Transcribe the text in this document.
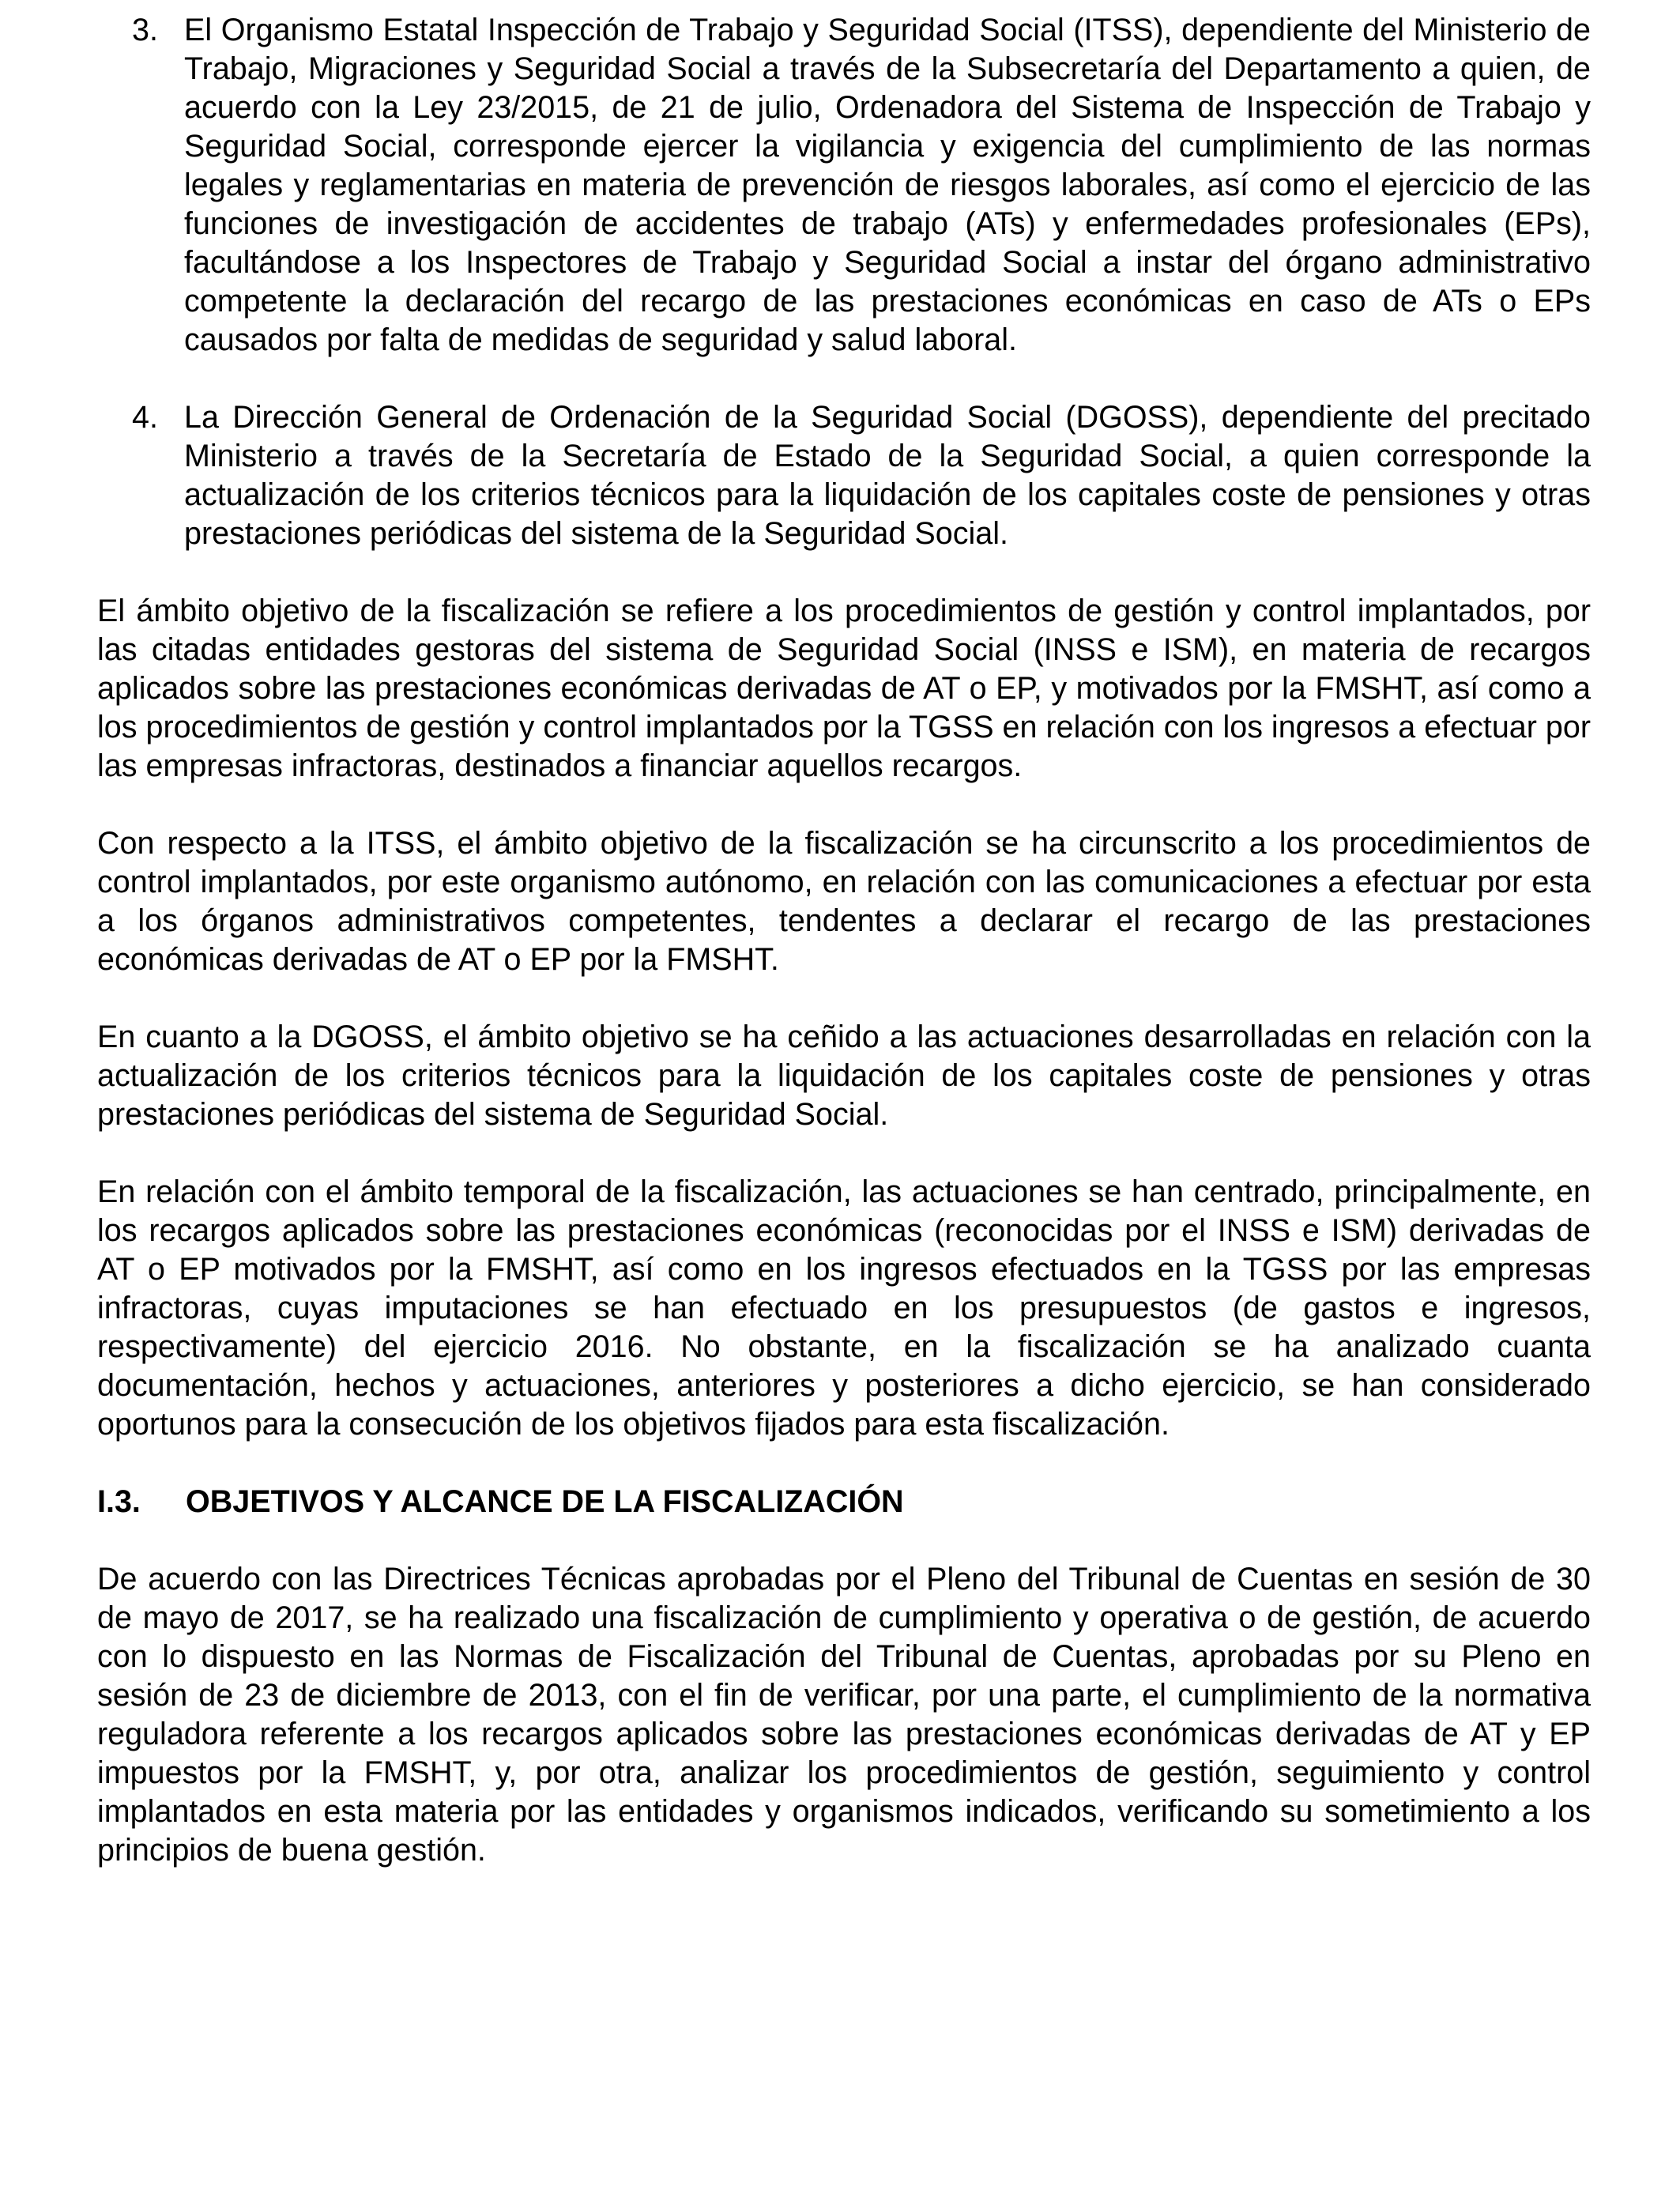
3. El Organismo Estatal Inspección de Trabajo y Seguridad Social (ITSS), dependiente del Ministerio de Trabajo, Migraciones y Seguridad Social a través de la Subsecretaría del Departamento a quien, de acuerdo con la Ley 23/2015, de 21 de julio, Ordenadora del Sistema de Inspección de Trabajo y Seguridad Social, corresponde ejercer la vigilancia y exigencia del cumplimiento de las normas legales y reglamentarias en materia de prevención de riesgos laborales, así como el ejercicio de las funciones de investigación de accidentes de trabajo (ATs) y enfermedades profesionales (EPs), facultándose a los Inspectores de Trabajo y Seguridad Social a instar del órgano administrativo competente la declaración del recargo de las prestaciones económicas en caso de ATs o EPs causados por falta de medidas de seguridad y salud laboral.

4. La Dirección General de Ordenación de la Seguridad Social (DGOSS), dependiente del precitado Ministerio a través de la Secretaría de Estado de la Seguridad Social, a quien corresponde la actualización de los criterios técnicos para la liquidación de los capitales coste de pensiones y otras prestaciones periódicas del sistema de la Seguridad Social.

El ámbito objetivo de la fiscalización se refiere a los procedimientos de gestión y control implantados, por las citadas entidades gestoras del sistema de Seguridad Social (INSS e ISM), en materia de recargos aplicados sobre las prestaciones económicas derivadas de AT o EP, y motivados por la FMSHT, así como a los procedimientos de gestión y control implantados por la TGSS en relación con los ingresos a efectuar por las empresas infractoras, destinados a financiar aquellos recargos.

Con respecto a la ITSS, el ámbito objetivo de la fiscalización se ha circunscrito a los procedimientos de control implantados, por este organismo autónomo, en relación con las comunicaciones a efectuar por esta a los órganos administrativos competentes, tendentes a declarar el recargo de las prestaciones económicas derivadas de AT o EP por la FMSHT.

En cuanto a la DGOSS, el ámbito objetivo se ha ceñido a las actuaciones desarrolladas en relación con la actualización de los criterios técnicos para la liquidación de los capitales coste de pensiones y otras prestaciones periódicas del sistema de Seguridad Social.

En relación con el ámbito temporal de la fiscalización, las actuaciones se han centrado, principalmente, en los recargos aplicados sobre las prestaciones económicas (reconocidas por el INSS e ISM) derivadas de AT o EP motivados por la FMSHT, así como en los ingresos efectuados en la TGSS por las empresas infractoras, cuyas imputaciones se han efectuado en los presupuestos (de gastos e ingresos, respectivamente) del ejercicio 2016. No obstante, en la fiscalización se ha analizado cuanta documentación, hechos y actuaciones, anteriores y posteriores a dicho ejercicio, se han considerado oportunos para la consecución de los objetivos fijados para esta fiscalización.

I.3.	OBJETIVOS Y ALCANCE DE LA FISCALIZACIÓN

De acuerdo con las Directrices Técnicas aprobadas por el Pleno del Tribunal de Cuentas en sesión de 30 de mayo de 2017, se ha realizado una fiscalización de cumplimiento y operativa o de gestión, de acuerdo con lo dispuesto en las Normas de Fiscalización del Tribunal de Cuentas, aprobadas por su Pleno en sesión de 23 de diciembre de 2013, con el fin de verificar, por una parte, el cumplimiento de la normativa reguladora referente a los recargos aplicados sobre las prestaciones económicas derivadas de AT y EP impuestos por la FMSHT, y, por otra, analizar los procedimientos de gestión, seguimiento y control implantados en esta materia por las entidades y organismos indicados, verificando su sometimiento a los principios de buena gestión.
